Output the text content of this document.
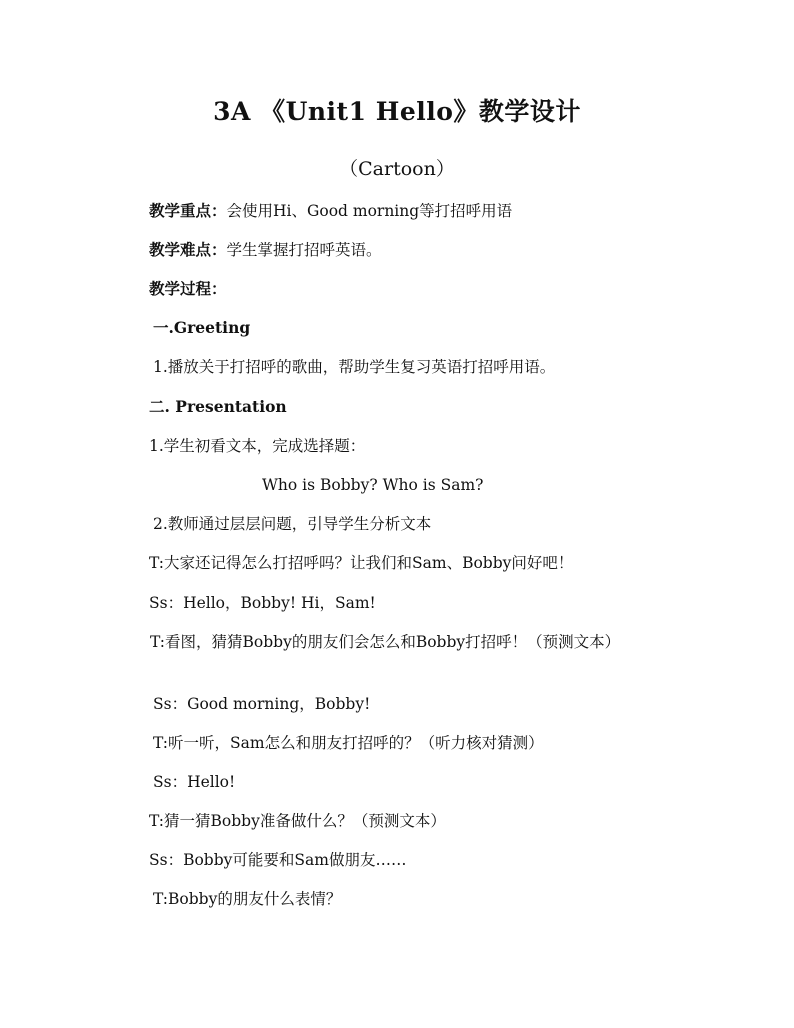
3A 《Unit1 Hello》教学设计
（Cartoon）
教学重点：会使用Hi、Good morning等打招呼用语
教学难点：学生掌握打招呼英语。
教学过程：
一.Greeting
1.播放关于打招呼的歌曲，帮助学生复习英语打招呼用语。
二. Presentation
1.学生初看文本，完成选择题：
Who is Bobby? Who is Sam?
2.教师通过层层问题，引导学生分析文本
T:大家还记得怎么打招呼吗？让我们和Sam、Bobby问好吧！
Ss：Hello，Bobby! Hi，Sam!
T:看图，猜猜Bobby的朋友们会怎么和Bobby打招呼！（预测文本）
Ss：Good morning，Bobby!
T:听一听，Sam怎么和朋友打招呼的？（听力核对猜测）
Ss：Hello!
T:猜一猜Bobby准备做什么？（预测文本）
Ss：Bobby可能要和Sam做朋友……
T:Bobby的朋友什么表情？
